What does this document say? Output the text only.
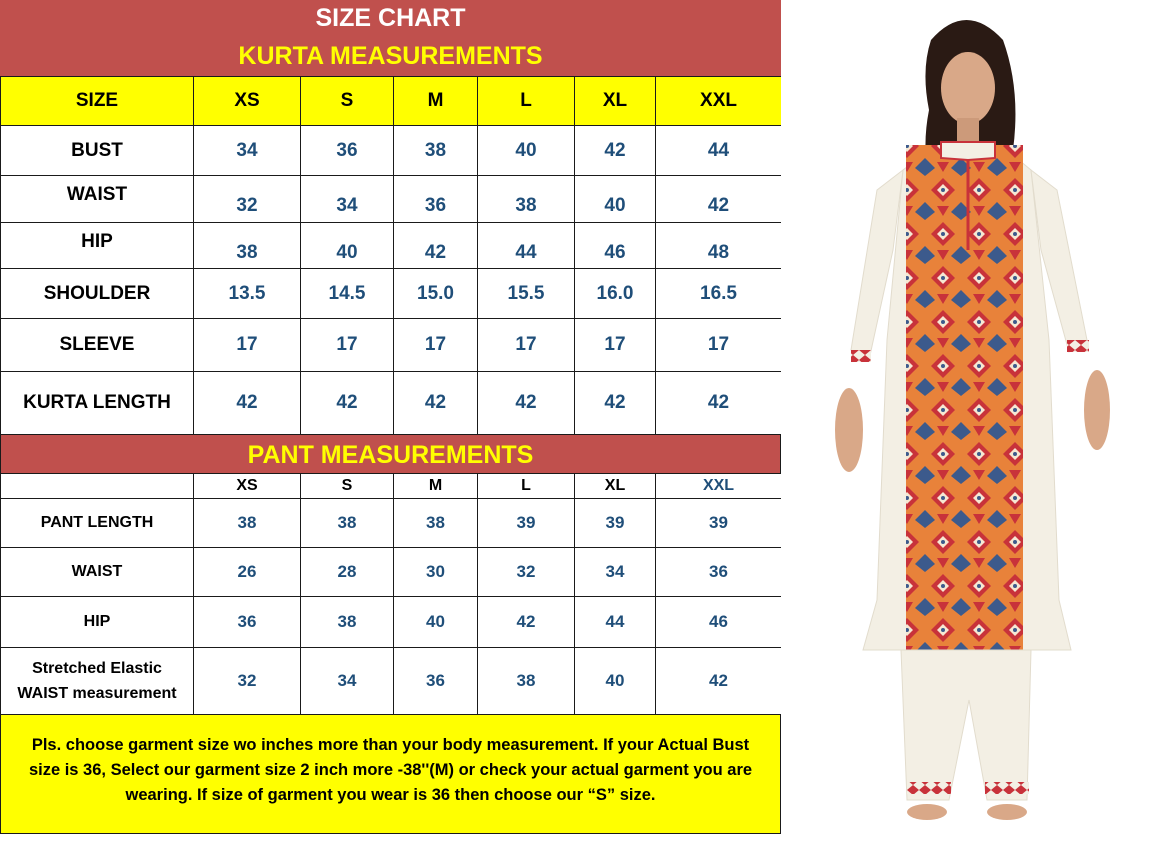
SIZE CHART
KURTA MEASUREMENTS
SIZE	XS	S	M	L	XL	XXL
BUST	34	36	38	40	42	44
WAIST	32	34	36	38	40	42
HIP	38	40	42	44	46	48
SHOULDER	13.5	14.5	15.0	15.5	16.0	16.5
SLEEVE	17	17	17	17	17	17
KURTA LENGTH	42	42	42	42	42	42
PANT MEASUREMENTS
	XS	S	M	L	XL	XXL
PANT LENGTH	38	38	38	39	39	39
WAIST	26	28	30	32	34	36
HIP	36	38	40	42	44	46

Stretched Elastic
WAIST measurement	32	34	36	38	40	42
Pls. choose garment size wo inches more than your body measurement. If your Actual Bust
size is 36, Select our garment size 2 inch more -38''(M) or check your actual garment you are
wearing. If size of garment you wear is 36 then choose our “S” size.
